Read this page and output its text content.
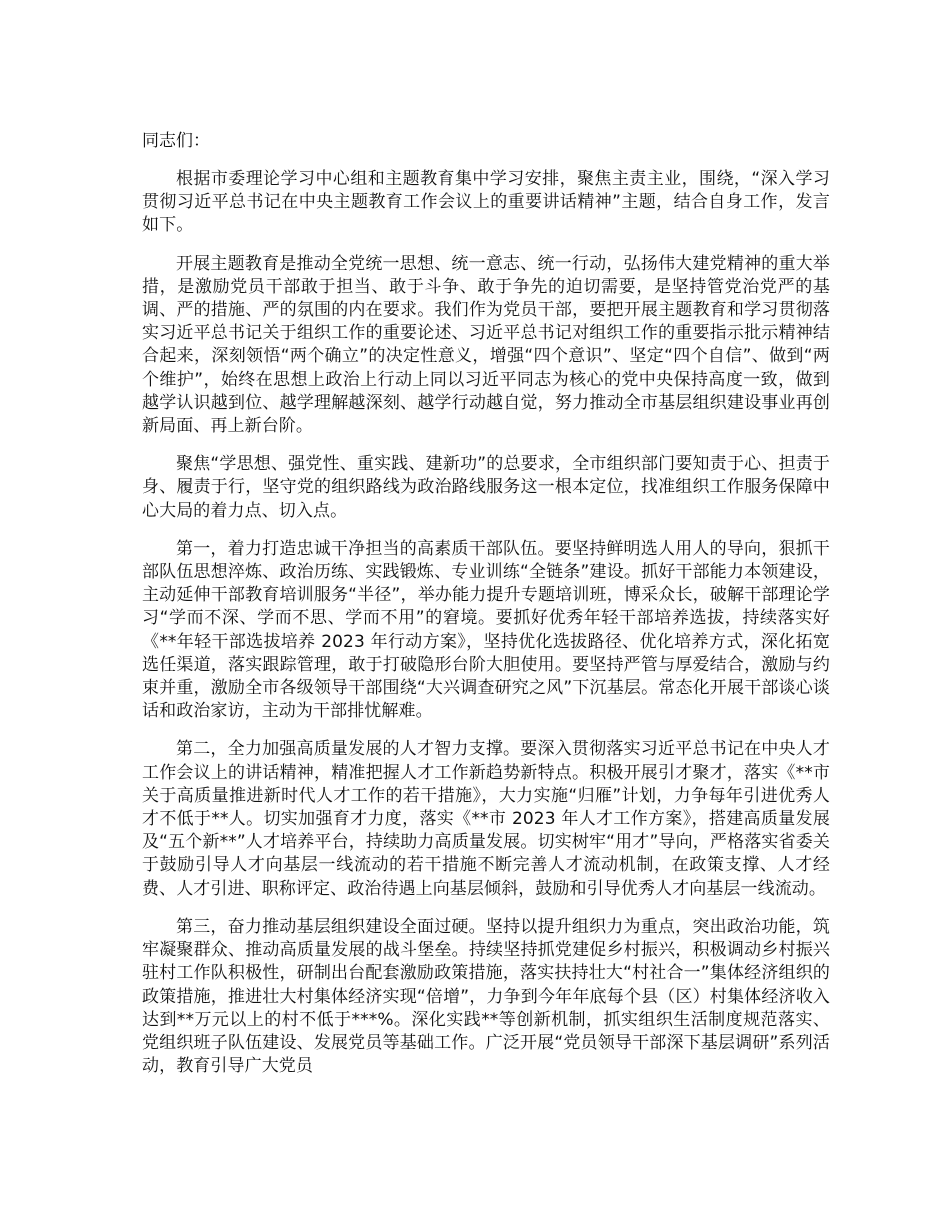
同志们：

根据市委理论学习中心组和主题教育集中学习安排，聚焦主责主业，围绕，“深入学习贯彻习近平总书记在中央主题教育工作会议上的重要讲话精神”主题，结合自身工作，发言如下。

开展主题教育是推动全党统一思想、统一意志、统一行动，弘扬伟大建党精神的重大举措，是激励党员干部敢于担当、敢于斗争、敢于争先的迫切需要，是坚持管党治党严的基调、严的措施、严的氛围的内在要求。我们作为党员干部，要把开展主题教育和学习贯彻落实习近平总书记关于组织工作的重要论述、习近平总书记对组织工作的重要指示批示精神结合起来，深刻领悟“两个确立”的决定性意义，增强“四个意识”、坚定“四个自信”、做到“两个维护”，始终在思想上政治上行动上同以习近平同志为核心的党中央保持高度一致，做到越学认识越到位、越学理解越深刻、越学行动越自觉，努力推动全市基层组织建设事业再创新局面、再上新台阶。

聚焦“学思想、强党性、重实践、建新功”的总要求，全市组织部门要知责于心、担责于身、履责于行，坚守党的组织路线为政治路线服务这一根本定位，找准组织工作服务保障中心大局的着力点、切入点。

第一，着力打造忠诚干净担当的高素质干部队伍。要坚持鲜明选人用人的导向，狠抓干部队伍思想淬炼、政治历练、实践锻炼、专业训练“全链条”建设。抓好干部能力本领建设，主动延伸干部教育培训服务“半径”，举办能力提升专题培训班，博采众长，破解干部理论学习“学而不深、学而不思、学而不用”的窘境。要抓好优秀年轻干部培养选拔，持续落实好《**年轻干部选拔培养 2023 年行动方案》，坚持优化选拔路径、优化培养方式，深化拓宽选任渠道，落实跟踪管理，敢于打破隐形台阶大胆使用。要坚持严管与厚爱结合，激励与约束并重，激励全市各级领导干部围绕“大兴调查研究之风”下沉基层。常态化开展干部谈心谈话和政治家访，主动为干部排忧解难。

第二，全力加强高质量发展的人才智力支撑。要深入贯彻落实习近平总书记在中央人才工作会议上的讲话精神，精准把握人才工作新趋势新特点。积极开展引才聚才，落实《**市关于高质量推进新时代人才工作的若干措施》，大力实施“归雁”计划，力争每年引进优秀人才不低于**人。切实加强育才力度，落实《**市 2023 年人才工作方案》，搭建高质量发展及“五个新**”人才培养平台，持续助力高质量发展。切实树牢“用才”导向，严格落实省委关于鼓励引导人才向基层一线流动的若干措施不断完善人才流动机制，在政策支撑、人才经费、人才引进、职称评定、政治待遇上向基层倾斜，鼓励和引导优秀人才向基层一线流动。

第三，奋力推动基层组织建设全面过硬。坚持以提升组织力为重点，突出政治功能，筑牢凝聚群众、推动高质量发展的战斗堡垒。持续坚持抓党建促乡村振兴，积极调动乡村振兴驻村工作队积极性，研制出台配套激励政策措施，落实扶持壮大“村社合一”集体经济组织的政策措施，推进壮大村集体经济实现“倍增”，力争到今年年底每个县（区）村集体经济收入达到**万元以上的村不低于***%。深化实践**等创新机制，抓实组织生活制度规范落实、党组织班子队伍建设、发展党员等基础工作。广泛开展“党员领导干部深下基层调研”系列活动，教育引导广大党员
